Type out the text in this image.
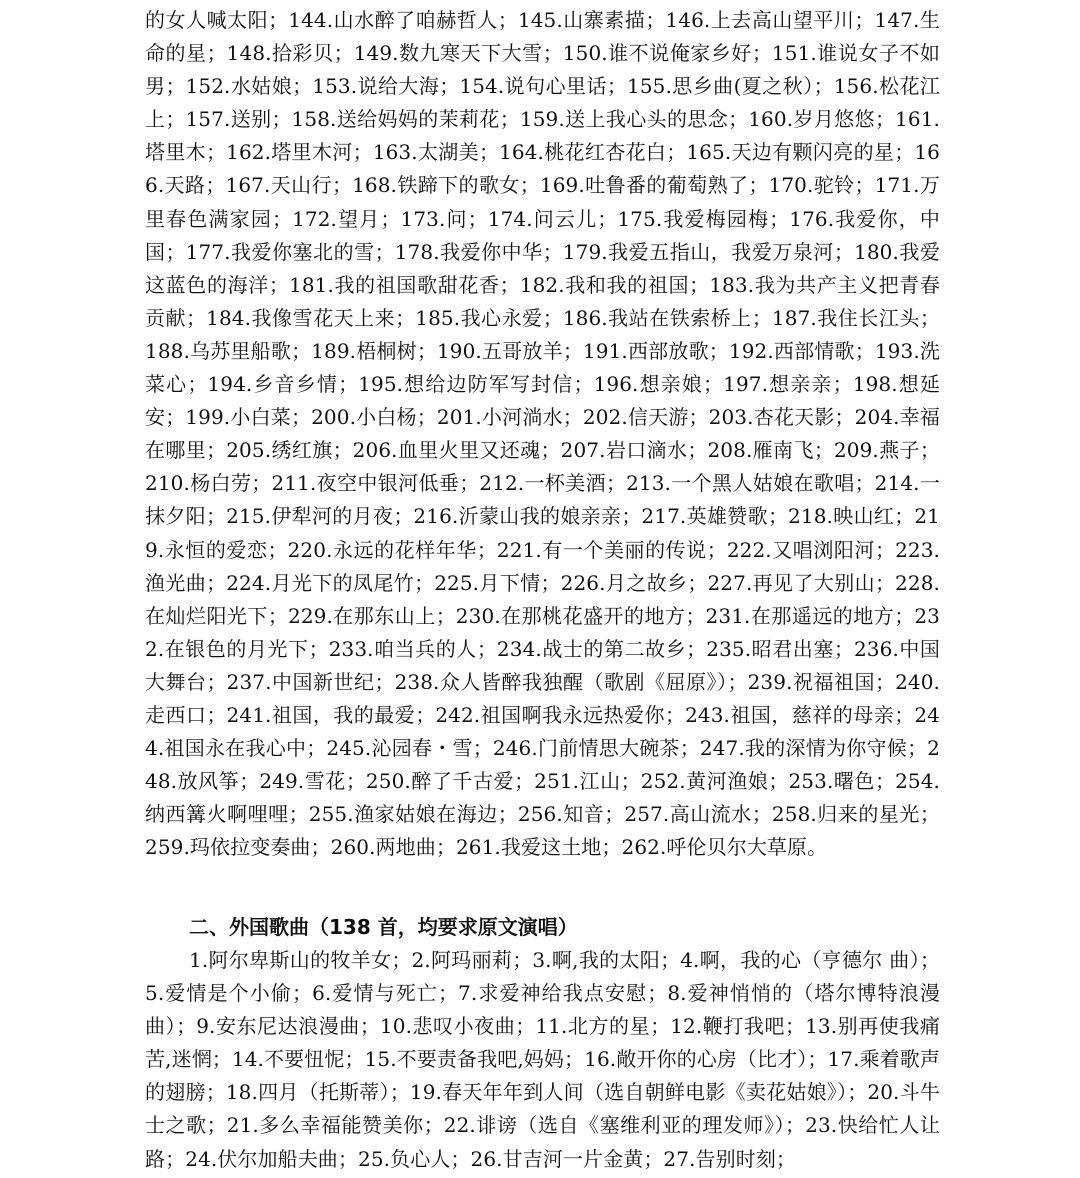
的女人喊太阳；144.山水醉了咱赫哲人；145.山寨素描；146.上去高山望平川；147.生命的星；148.拾彩贝；149.数九寒天下大雪；150.谁不说俺家乡好；151.谁说女子不如男；152.水姑娘；153.说给大海；154.说句心里话；155.思乡曲(夏之秋）；156.松花江上；157.送别；158.送给妈妈的茉莉花；159.送上我心头的思念；160.岁月悠悠；161.塔里木；162.塔里木河；163.太湖美；164.桃花红杏花白；165.天边有颗闪亮的星；166.天路；167.天山行；168.铁蹄下的歌女；169.吐鲁番的葡萄熟了；170.驼铃；171.万里春色满家园；172.望月；173.问；174.问云儿；175.我爱梅园梅；176.我爱你，中国；177.我爱你塞北的雪；178.我爱你中华；179.我爱五指山，我爱万泉河；180.我爱这蓝色的海洋；181.我的祖国歌甜花香；182.我和我的祖国；183.我为共产主义把青春贡献；184.我像雪花天上来；185.我心永爱；186.我站在铁索桥上；187.我住长江头；188.乌苏里船歌；189.梧桐树；190.五哥放羊；191.西部放歌；192.西部情歌；193.洗菜心；194.乡音乡情；195.想给边防军写封信；196.想亲娘；197.想亲亲；198.想延安；199.小白菜；200.小白杨；201.小河淌水；202.信天游；203.杏花天影；204.幸福在哪里；205.绣红旗；206.血里火里又还魂；207.岩口滴水；208.雁南飞；209.燕子；210.杨白劳；211.夜空中银河低垂；212.一杯美酒；213.一个黑人姑娘在歌唱；214.一抹夕阳；215.伊犁河的月夜；216.沂蒙山我的娘亲亲；217.英雄赞歌；218.映山红；219.永恒的爱恋；220.永远的花样年华；221.有一个美丽的传说；222.又唱浏阳河；223.渔光曲；224.月光下的凤尾竹；225.月下情；226.月之故乡；227.再见了大别山；228.在灿烂阳光下；229.在那东山上；230.在那桃花盛开的地方；231.在那遥远的地方；232.在银色的月光下；233.咱当兵的人；234.战士的第二故乡；235.昭君出塞；236.中国大舞台；237.中国新世纪；238.众人皆醉我独醒（歌剧《屈原》）；239.祝福祖国；240.走西口；241.祖国，我的最爱；242.祖国啊我永远热爱你；243.祖国，慈祥的母亲；244.祖国永在我心中；245.沁园春・雪；246.门前情思大碗茶；247.我的深情为你守候；248.放风筝；249.雪花；250.醉了千古爱；251.江山；252.黄河渔娘；253.曙色；254.纳西篝火啊哩哩；255.渔家姑娘在海边；256.知音；257.高山流水；258.归来的星光；259.玛依拉变奏曲；260.两地曲；261.我爱这土地；262.呼伦贝尔大草原。

二、外国歌曲（138 首，均要求原文演唱）

1.阿尔卑斯山的牧羊女；2.阿玛丽莉；3.啊,我的太阳；4.啊，我的心（亨德尔 曲）；5.爱情是个小偷；6.爱情与死亡；7.求爱神给我点安慰；8.爱神悄悄的（塔尔博特浪漫曲）；9.安东尼达浪漫曲；10.悲叹小夜曲；11.北方的星；12.鞭打我吧；13.别再使我痛苦,迷惘；14.不要忸怩；15.不要责备我吧,妈妈；16.敞开你的心房（比才）；17.乘着歌声的翅膀；18.四月（托斯蒂）；19.春天年年到人间（选自朝鲜电影《卖花姑娘》）；20.斗牛士之歌；21.多么幸福能赞美你；22.诽谤（选自《塞维利亚的理发师》）；23.快给忙人让路；24.伏尔加船夫曲；25.负心人；26.甘吉河一片金黄；27.告别时刻；
